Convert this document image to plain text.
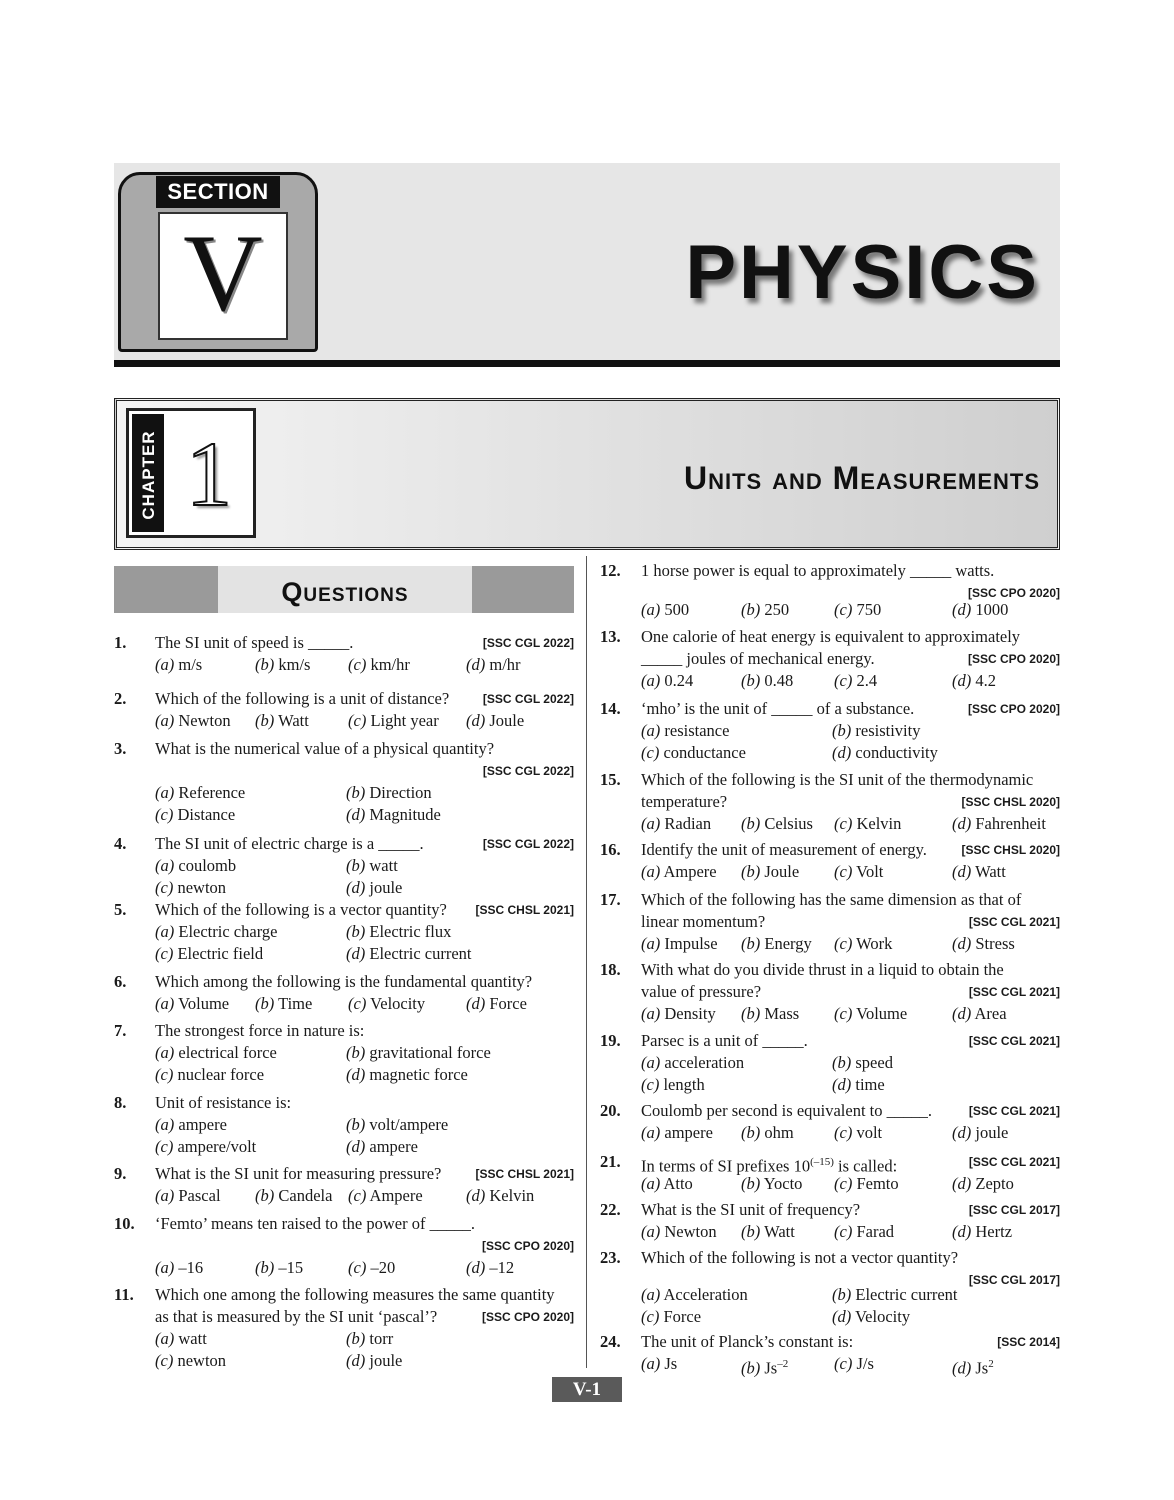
SECTION
V	PHYSICS
CHAPTER 1	Units and Measurements
Questions
1. The SI unit of speed is _____.	[SSC CGL 2022]
(a) m/s	(b) km/s (c) km/hr	(d) m/hr
2. Which of the following is a unit of distance?	[SSC CGL 2022]
(a) Newton (b) Watt (c) Light year (d) Joule
3. What is the numerical value of a physical quantity?
[SSC CGL 2022]
(a) Reference	(b) Direction
(c) Distance	(d) Magnitude
4. The SI unit of electric charge is a _____.	[SSC CGL 2022]
(a) coulomb	(b) watt
(c) newton	(d) joule
5. Which of the following is a vector quantity? [SSC CHSL 2021]
(a) Electric charge	(b) Electric flux
(c) Electric field	(d) Electric current
6. Which among the following is the fundamental quantity?
(a) Volume (b) Time (c) Velocity (d) Force
7. The strongest force in nature is:
(a) electrical force	(b) gravitational force
(c) nuclear force	(d) magnetic force
8. Unit of resistance is:
(a) ampere	(b) volt/ampere
(c) ampere/volt	(d) ampere
9. What is the SI unit for measuring pressure?	[SSC CHSL 2021]
(a) Pascal (b) Candela (c) Ampere	(d) Kelvin
10. ‘Femto’ means ten raised to the power of _____.
[SSC CPO 2020]
(a) –16	(b) –15	(c) –20	(d) –12
11. Which one among the following measures the same quantity
as that is measured by the SI unit ‘pascal’?	[SSC CPO 2020]
(a) watt	(b) torr
(c) newton	(d) joule
12. 1 horse power is equal to approximately _____ watts.
[SSC CPO 2020]
(a) 500	(b) 250	(c) 750	(d) 1000
13. One calorie of heat energy is equivalent to approximately
_____ joules of mechanical energy.	[SSC CPO 2020]
(a) 0.24	(b) 0.48 (c) 2.4	(d) 4.2
14. ‘mho’ is the unit of _____ of a substance.	[SSC CPO 2020]
(a) resistance	(b) resistivity
(c) conductance	(d) conductivity
15. Which of the following is the SI unit of the thermodynamic
temperature?	[SSC CHSL 2020]
(a) Radian (b) Celsius (c) Kelvin	(d) Fahrenheit
16. Identify the unit of measurement of energy.	[SSC CHSL 2020]
(a) Ampere (b) Joule (c) Volt	(d) Watt
17. Which of the following has the same dimension as that of
linear momentum?	[SSC CGL 2021]
(a) Impulse (b) Energy (c) Work	(d) Stress
18. With what do you divide thrust in a liquid to obtain the
value of pressure?	[SSC CGL 2021]
(a) Density (b) Mass (c) Volume	(d) Area
19. Parsec is a unit of _____.	[SSC CGL 2021]
(a) acceleration	(b) speed
(c) length	(d) time
20. Coulomb per second is equivalent to _____.	[SSC CGL 2021]
(a) ampere (b) ohm (c) volt	(d) joule
21. In terms of SI prefixes $10^{(-15)}$ is called:	[SSC CGL 2021]
(a) Atto	(b) Yocto (c) Femto	(d) Zepto
22. What is the SI unit of frequency?	[SSC CGL 2017]
(a) Newton (b) Watt (c) Farad	(d) Hertz
23. Which of the following is not a vector quantity?
[SSC CGL 2017]
(a) Acceleration	(b) Electric current
(c) Force	(d) Velocity
24. The unit of Planck’s constant is:	[SSC 2014]
(a) Js	(b) $Js^{-2}$	(c) J/s	(d) Js$^2$
V-1
